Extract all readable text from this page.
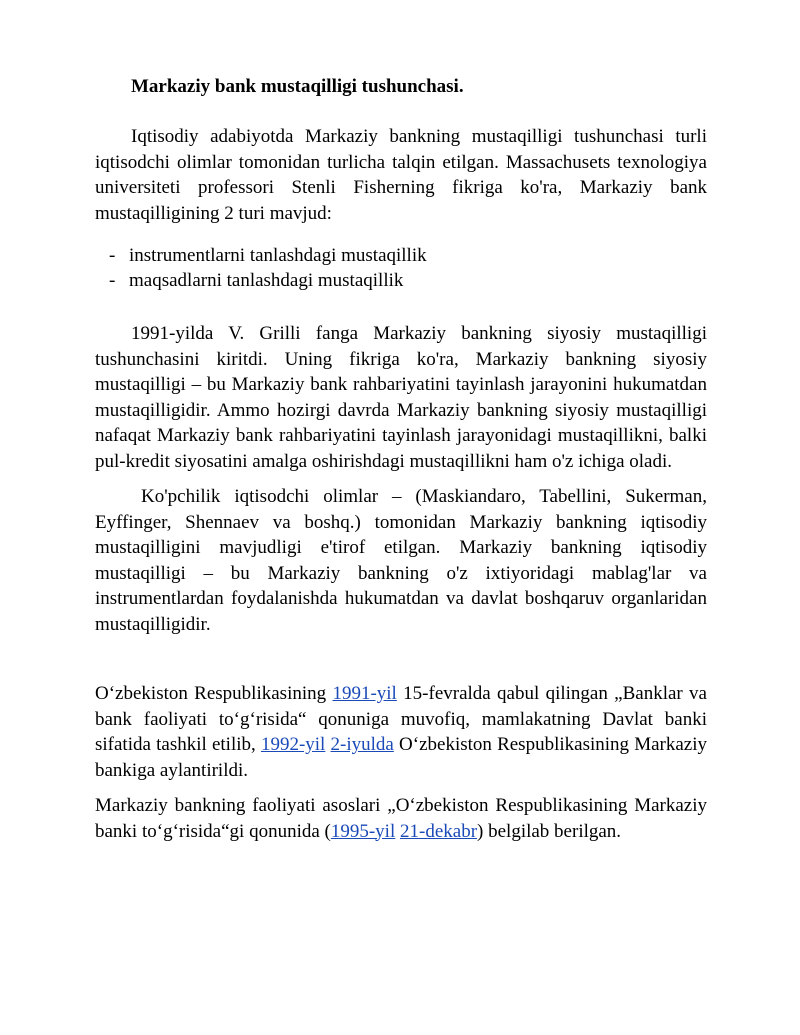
Markaziy bank mustaqilligi tushunchasi.

Iqtisodiy adabiyotda Markaziy bankning mustaqilligi tushunchasi turli iqtisodchi olimlar tomonidan turlicha talqin etilgan. Massachusets texnologiya universiteti professori Stenli Fisherning fikriga ko'ra, Markaziy bank mustaqilligining 2 turi mavjud:

- instrumentlarni tanlashdagi mustaqillik
- maqsadlarni tanlashdagi mustaqillik

1991-yilda V. Grilli fanga Markaziy bankning siyosiy mustaqilligi tushunchasini kiritdi. Uning fikriga ko'ra, Markaziy bankning siyosiy mustaqilligi – bu Markaziy bank rahbariyatini tayinlash jarayonini hukumatdan mustaqilligidir. Ammo hozirgi davrda Markaziy bankning siyosiy mustaqilligi nafaqat Markaziy bank rahbariyatini tayinlash jarayonidagi mustaqillikni, balki pul-kredit siyosatini amalga oshirishdagi mustaqillikni ham o'z ichiga oladi.

Ko'pchilik iqtisodchi olimlar – (Maskiandaro, Tabellini, Sukerman, Eyffinger, Shennaev va boshq.) tomonidan Markaziy bankning iqtisodiy mustaqilligini mavjudligi e'tirof etilgan. Markaziy bankning iqtisodiy mustaqilligi – bu Markaziy bankning o'z ixtiyoridagi mablag'lar va instrumentlardan foydalanishda hukumatdan va davlat boshqaruv organlaridan mustaqilligidir.

O‘zbekiston Respublikasining 1991-yil 15-fevralda qabul qilingan „Banklar va bank faoliyati to‘g‘risida“ qonuniga muvofiq, mamlakatning Davlat banki sifatida tashkil etilib, 1992-yil 2-iyulda O‘zbekiston Respublikasining Markaziy bankiga aylantirildi.

Markaziy bankning faoliyati asoslari „O‘zbekiston Respublikasining Markaziy banki to‘g‘risida“gi qonunida (1995-yil 21-dekabr) belgilab berilgan.
